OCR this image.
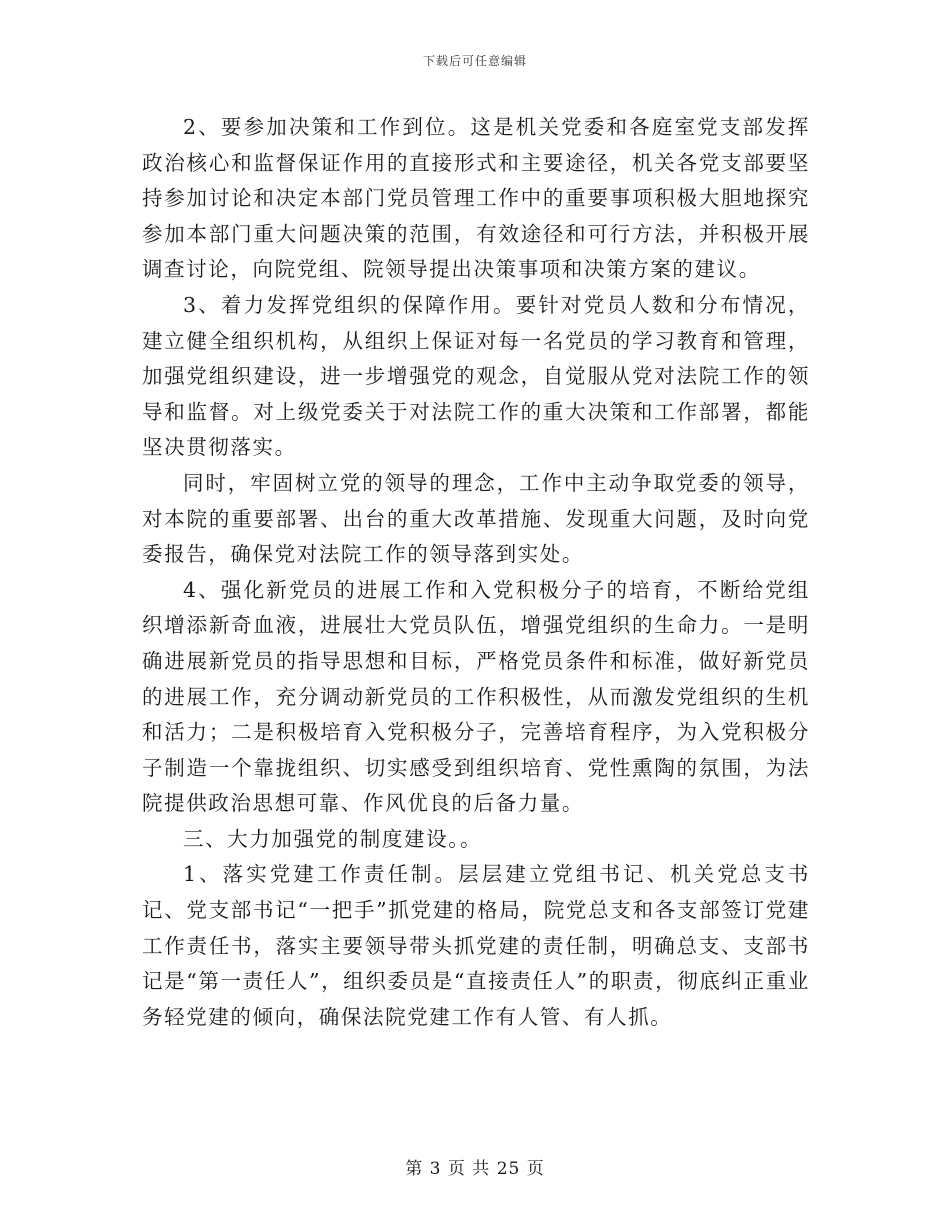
下载后可任意编辑

2、要参加决策和工作到位。这是机关党委和各庭室党支部发挥政治核心和监督保证作用的直接形式和主要途径，机关各党支部要坚持参加讨论和决定本部门党员管理工作中的重要事项积极大胆地探究参加本部门重大问题决策的范围，有效途径和可行方法，并积极开展调查讨论，向院党组、院领导提出决策事项和决策方案的建议。

3、着力发挥党组织的保障作用。要针对党员人数和分布情况，建立健全组织机构，从组织上保证对每一名党员的学习教育和管理，加强党组织建设，进一步增强党的观念，自觉服从党对法院工作的领导和监督。对上级党委关于对法院工作的重大决策和工作部署，都能坚决贯彻落实。

同时，牢固树立党的领导的理念，工作中主动争取党委的领导，对本院的重要部署、出台的重大改革措施、发现重大问题，及时向党委报告，确保党对法院工作的领导落到实处。

4、强化新党员的进展工作和入党积极分子的培育，不断给党组织增添新奇血液，进展壮大党员队伍，增强党组织的生命力。一是明确进展新党员的指导思想和目标，严格党员条件和标准，做好新党员的进展工作，充分调动新党员的工作积极性，从而激发党组织的生机和活力；二是积极培育入党积极分子，完善培育程序，为入党积极分子制造一个靠拢组织、切实感受到组织培育、党性熏陶的氛围，为法院提供政治思想可靠、作风优良的后备力量。

三、大力加强党的制度建设。。

1、落实党建工作责任制。层层建立党组书记、机关党总支书记、党支部书记“一把手”抓党建的格局，院党总支和各支部签订党建工作责任书，落实主要领导带头抓党建的责任制，明确总支、支部书记是“第一责任人”，组织委员是“直接责任人”的职责，彻底纠正重业务轻党建的倾向，确保法院党建工作有人管、有人抓。

第 3 页 共 25 页
